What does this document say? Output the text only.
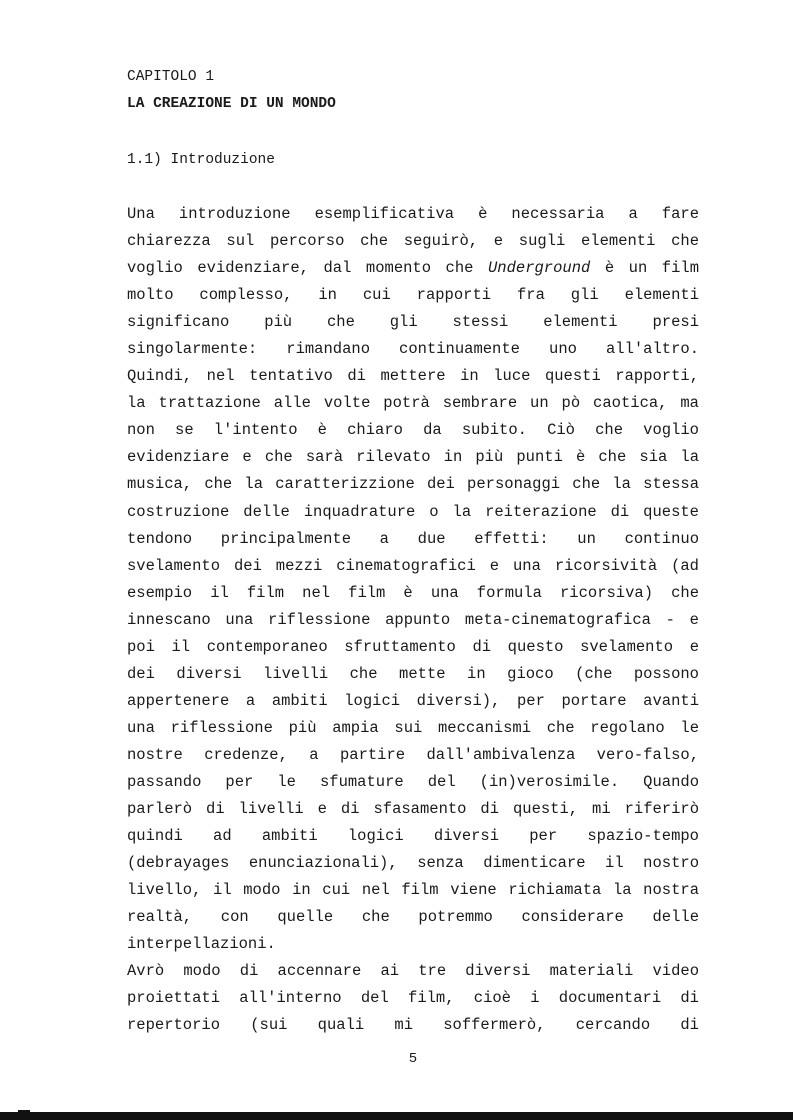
CAPITOLO 1
LA CREAZIONE DI UN MONDO
1.1) Introduzione
Una introduzione esemplificativa è necessaria a fare
chiarezza sul percorso che seguirò, e sugli elementi che
voglio evidenziare, dal momento che Underground è un film
molto complesso, in cui rapporti fra gli elementi
significano più che gli stessi elementi presi
singolarmente: rimandano continuamente uno all'altro.
Quindi, nel tentativo di mettere in luce questi rapporti,
la trattazione alle volte potrà sembrare un pò caotica, ma
non se l'intento è chiaro da subito. Ciò che voglio
evidenziare e che sarà rilevato in più punti è che sia la
musica, che la caratterizzione dei personaggi che la stessa
costruzione delle inquadrature o la reiterazione di queste
tendono principalmente a due effetti: un continuo
svelamento dei mezzi cinematografici e una ricorsività (ad
esempio il film nel film è una formula ricorsiva) che
innescano una riflessione appunto meta-cinematografica - e
poi il contemporaneo sfruttamento di questo svelamento e
dei diversi livelli che mette in gioco (che possono
appertenere a ambiti logici diversi), per portare avanti
una riflessione più ampia sui meccanismi che regolano le
nostre credenze, a partire dall'ambivalenza vero-falso,
passando per le sfumature del (in)verosimile. Quando
parlerò di livelli e di sfasamento di questi, mi riferirò
quindi ad ambiti logici diversi per spazio-tempo
(debrayages enunciazionali), senza dimenticare il nostro
livello, il modo in cui nel film viene richiamata la nostra
realtà, con quelle che potremmo considerare delle
interpellazioni.
Avrò modo di accennare ai tre diversi materiali video
proiettati all'interno del film, cioè i documentari di
repertorio (sui quali mi soffermerò, cercando di
5
